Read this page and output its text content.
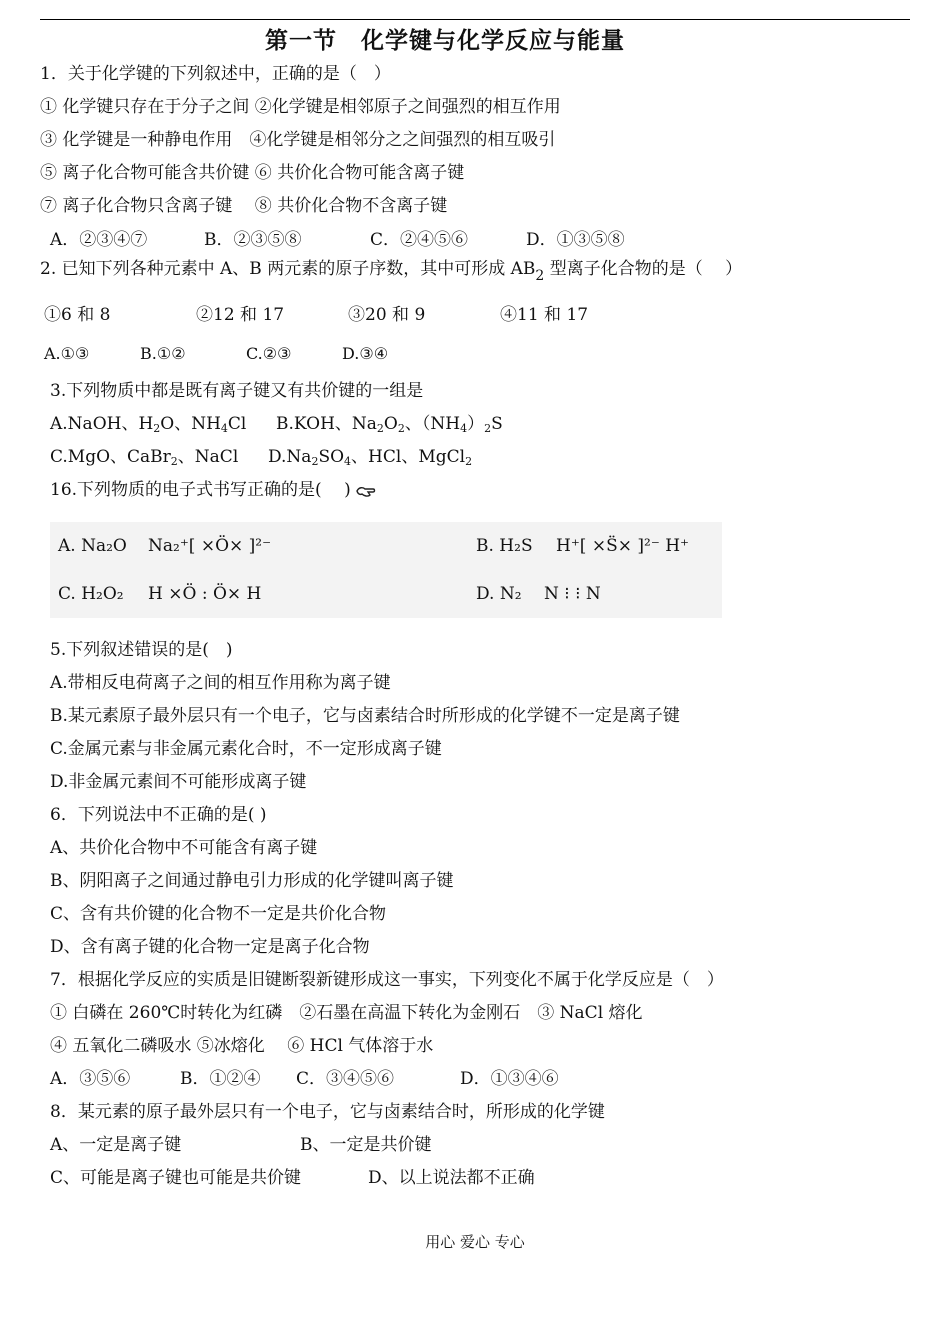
第一节　化学键与化学反应与能量
1．关于化学键的下列叙述中，正确的是（　）
① 化学键只存在于分子之间 ②化学键是相邻原子之间强烈的相互作用
③ 化学键是一种静电作用　④化学键是相邻分之之间强烈的相互吸引
⑤ 离子化合物可能含共价键 ⑥ 共价化合物可能含离子键
⑦ 离子化合物只含离子键　 ⑧ 共价化合物不含离子键
A．②③④⑦	B．②③⑤⑧	C．②④⑤⑥	D．①③⑤⑧
2. 已知下列各种元素中 A、B 两元素的原子序数，其中可形成 $AB_2$ 型离子化合物的是（　 ）
①6 和 8	②12 和 17	③20 和 9	④11 和 17
A.①③	B.①②	C.②③	D.③④
3.下列物质中都是既有离子键又有共价键的一组是
A.NaOH、$H_2O$、$NH_4Cl$ B.KOH、$Na_2O_2$、$(NH_4)_2S$
C.MgO、CaBr$_2$、NaCl $D.Na_2SO_4$、HCl、MgCl$_2$
16.下列物质的电子式书写正确的是(　 )
A. Na₂O Na₂⁺[ ⨯Ö⨯ ]²⁻	B. H₂S H⁺[ ⨯S̈⨯ ]²⁻ H⁺
C. H₂O₂ H ⨯Ö : Ö⨯ H	D. N₂ N ⁝ ⁝ N
5.下列叙述错误的是(　)
A.带相反电荷离子之间的相互作用称为离子键
B.某元素原子最外层只有一个电子，它与卤素结合时所形成的化学键不一定是离子键
C.金属元素与非金属元素化合时，不一定形成离子键
D.非金属元素间不可能形成离子键
6．下列说法中不正确的是( )
A、共价化合物中不可能含有离子键
B、阴阳离子之间通过静电引力形成的化学键叫离子键
C、含有共价键的化合物不一定是共价化合物
D、含有离子键的化合物一定是离子化合物
7．根据化学反应的实质是旧键断裂新键形成这一事实，下列变化不属于化学反应是（　）
① 白磷在 260℃时转化为红磷　②石墨在高温下转化为金刚石　③ NaCl 熔化
④ 五氧化二磷吸水 ⑤冰熔化　 ⑥ HCl 气体溶于水
A．③⑤⑥	B．①②④ C．③④⑤⑥	D．①③④⑥
8．某元素的原子最外层只有一个电子，它与卤素结合时，所形成的化学键
A、一定是离子键	B、一定是共价键
C、可能是离子键也可能是共价键	D、以上说法都不正确
用心 爱心 专心
